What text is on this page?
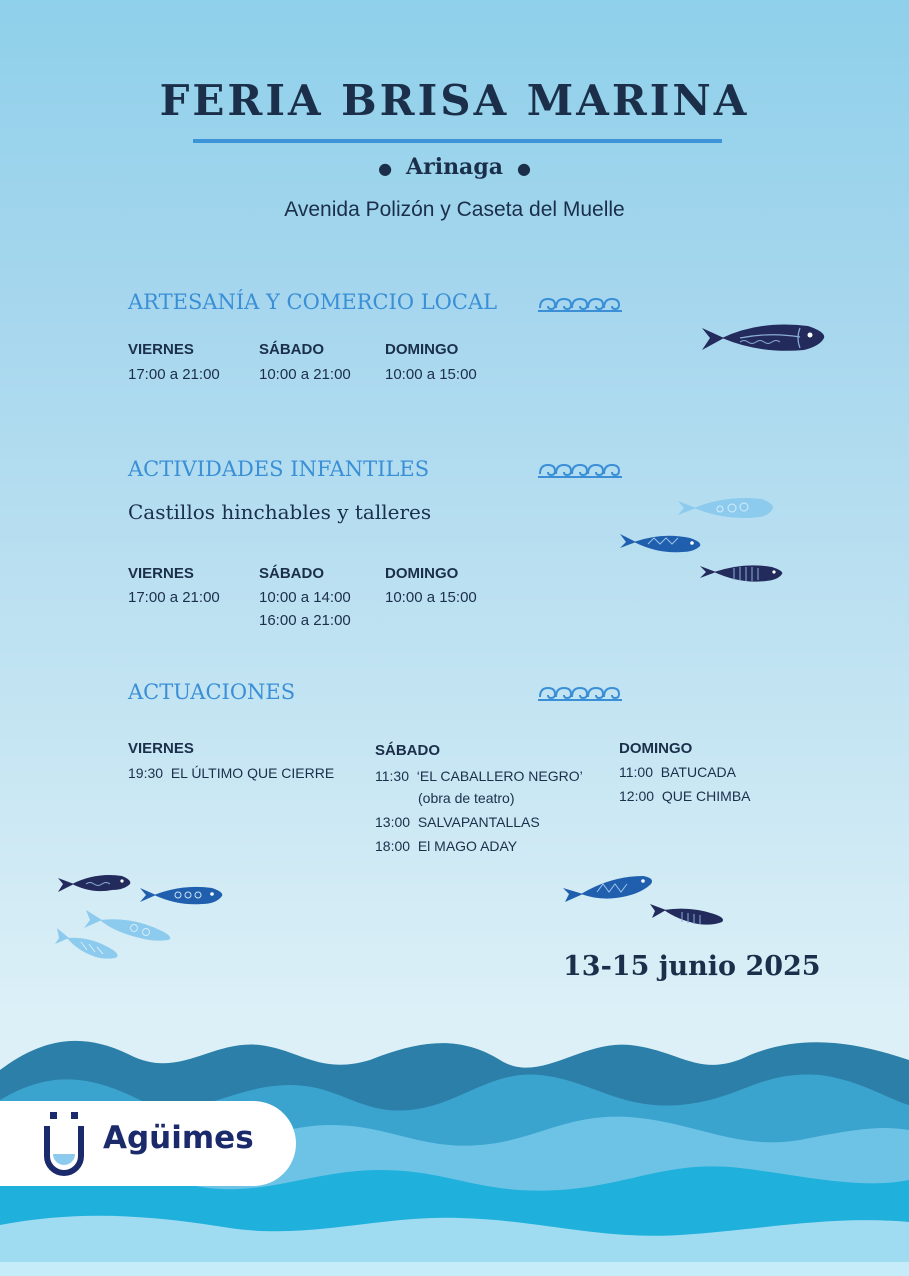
FERIA BRISA MARINA
● Arinaga ●
Avenida Polizón y Caseta del Muelle
ARTESANÍA Y COMERCIO LOCAL
VIERNES
17:00 a 21:00
SÁBADO
10:00 a 21:00
DOMINGO
10:00 a 15:00
ACTIVIDADES INFANTILES
Castillos hinchables y talleres
VIERNES
17:00 a 21:00
SÁBADO
10:00 a 14:00
16:00 a 21:00
DOMINGO
10:00 a 15:00
ACTUACIONES
VIERNES
19:30 EL ÚLTIMO QUE CIERRE
SÁBADO
11:30 ‘EL CABALLERO NEGRO’
(obra de teatro)
13:00 SALVAPANTALLAS
18:00 El MAGO ADAY
DOMINGO
11:00 BATUCADA
12:00 QUE CHIMBA
13-15 junio 2025
Agüimes
